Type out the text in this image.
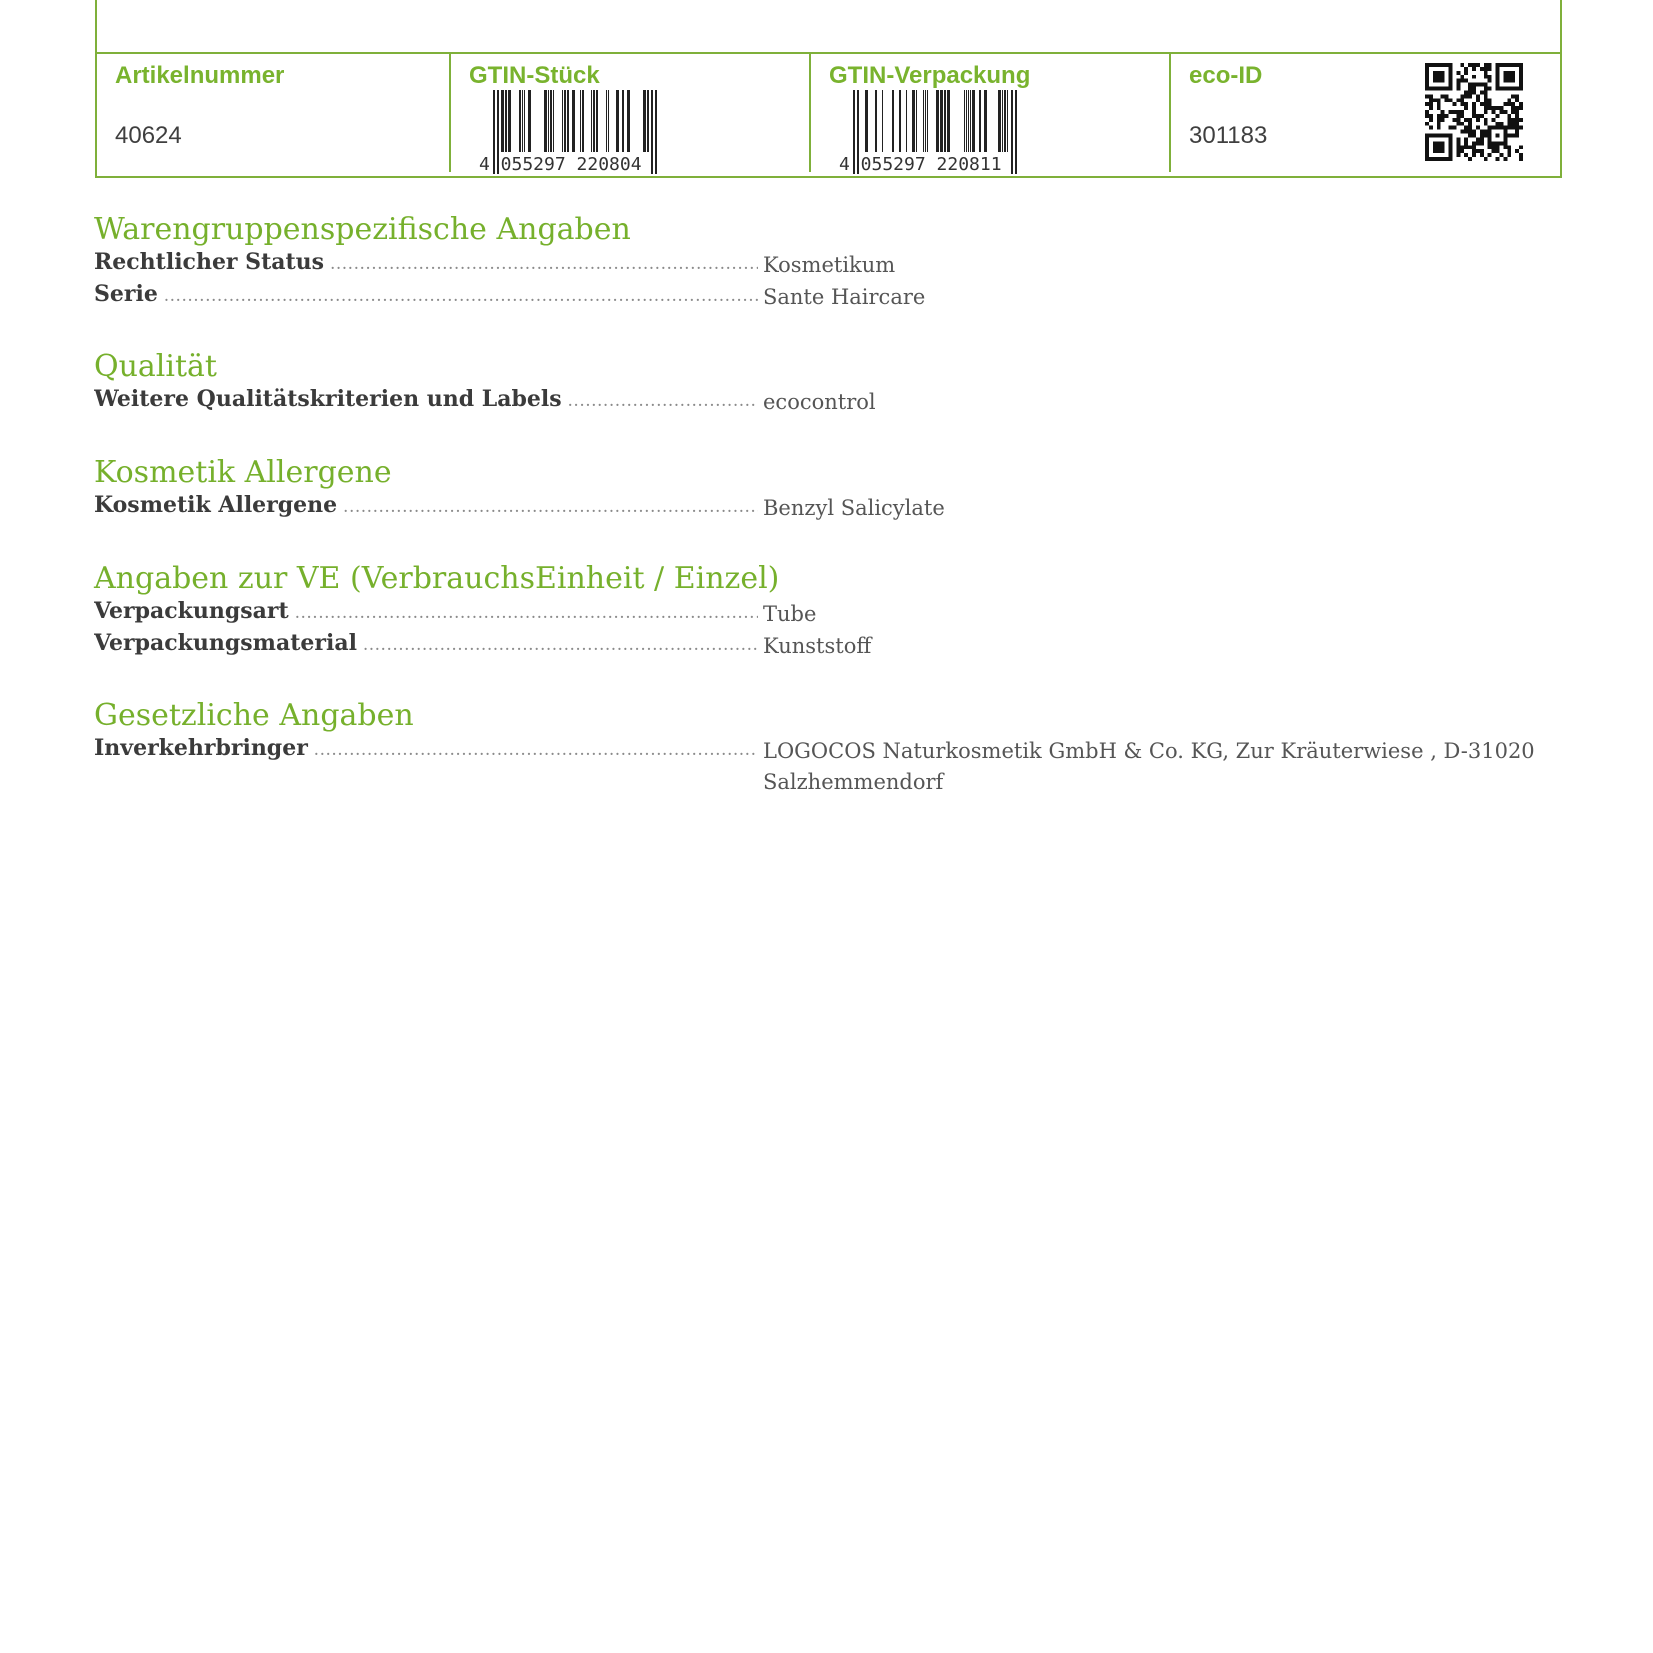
Artikelnummer
40624
GTIN-Stück
4 055297 220804
GTIN-Verpackung
4 055297 220811
eco-ID
301183
Warengruppenspezifische Angaben
Rechtlicher Status .....	Kosmetikum
Serie .....	Sante Haircare
Qualität
Weitere Qualitätskriterien und Labels .....	ecocontrol
Kosmetik Allergene
Kosmetik Allergene .....	Benzyl Salicylate
Angaben zur VE (VerbrauchsEinheit / Einzel)
Verpackungsart .....	Tube
Verpackungsmaterial .....	Kunststoff
Gesetzliche Angaben
Inverkehrbringer .....	LOGOCOS Naturkosmetik GmbH & Co. KG, Zur Kräuterwiese , D-31020 Salzhemmendorf
